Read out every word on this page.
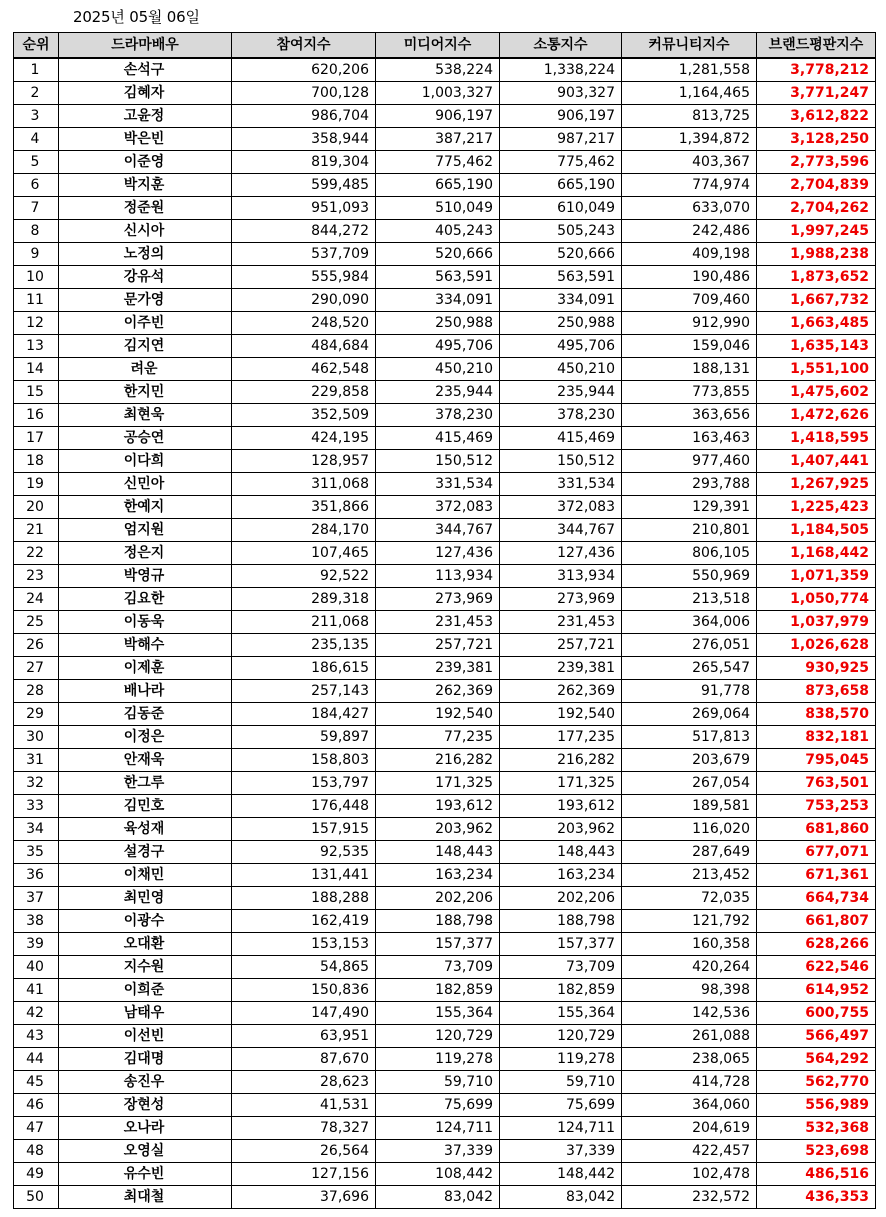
2025년 05월 06일
순위	드라마배우	참여지수	미디어지수	소통지수	커뮤니티지수	브랜드평판지수
1	손석구	620,206	538,224	1,338,224	1,281,558	3,778,212
2	김혜자	700,128	1,003,327	903,327	1,164,465	3,771,247
3	고윤정	986,704	906,197	906,197	813,725	3,612,822
4	박은빈	358,944	387,217	987,217	1,394,872	3,128,250
5	이준영	819,304	775,462	775,462	403,367	2,773,596
6	박지훈	599,485	665,190	665,190	774,974	2,704,839
7	정준원	951,093	510,049	610,049	633,070	2,704,262
8	신시아	844,272	405,243	505,243	242,486	1,997,245
9	노정의	537,709	520,666	520,666	409,198	1,988,238
10	강유석	555,984	563,591	563,591	190,486	1,873,652
11	문가영	290,090	334,091	334,091	709,460	1,667,732
12	이주빈	248,520	250,988	250,988	912,990	1,663,485
13	김지연	484,684	495,706	495,706	159,046	1,635,143
14	려운	462,548	450,210	450,210	188,131	1,551,100
15	한지민	229,858	235,944	235,944	773,855	1,475,602
16	최현욱	352,509	378,230	378,230	363,656	1,472,626
17	공승연	424,195	415,469	415,469	163,463	1,418,595
18	이다희	128,957	150,512	150,512	977,460	1,407,441
19	신민아	311,068	331,534	331,534	293,788	1,267,925
20	한예지	351,866	372,083	372,083	129,391	1,225,423
21	엄지원	284,170	344,767	344,767	210,801	1,184,505
22	정은지	107,465	127,436	127,436	806,105	1,168,442
23	박영규	92,522	113,934	313,934	550,969	1,071,359
24	김요한	289,318	273,969	273,969	213,518	1,050,774
25	이동욱	211,068	231,453	231,453	364,006	1,037,979
26	박해수	235,135	257,721	257,721	276,051	1,026,628
27	이제훈	186,615	239,381	239,381	265,547	930,925
28	배나라	257,143	262,369	262,369	91,778	873,658
29	김동준	184,427	192,540	192,540	269,064	838,570
30	이정은	59,897	77,235	177,235	517,813	832,181
31	안재욱	158,803	216,282	216,282	203,679	795,045
32	한그루	153,797	171,325	171,325	267,054	763,501
33	김민호	176,448	193,612	193,612	189,581	753,253
34	육성재	157,915	203,962	203,962	116,020	681,860
35	설경구	92,535	148,443	148,443	287,649	677,071
36	이채민	131,441	163,234	163,234	213,452	671,361
37	최민영	188,288	202,206	202,206	72,035	664,734
38	이광수	162,419	188,798	188,798	121,792	661,807
39	오대환	153,153	157,377	157,377	160,358	628,266
40	지수원	54,865	73,709	73,709	420,264	622,546
41	이희준	150,836	182,859	182,859	98,398	614,952
42	남태우	147,490	155,364	155,364	142,536	600,755
43	이선빈	63,951	120,729	120,729	261,088	566,497
44	김대명	87,670	119,278	119,278	238,065	564,292
45	송진우	28,623	59,710	59,710	414,728	562,770
46	장현성	41,531	75,699	75,699	364,060	556,989
47	오나라	78,327	124,711	124,711	204,619	532,368
48	오영실	26,564	37,339	37,339	422,457	523,698
49	유수빈	127,156	108,442	148,442	102,478	486,516
50	최대철	37,696	83,042	83,042	232,572	436,353
